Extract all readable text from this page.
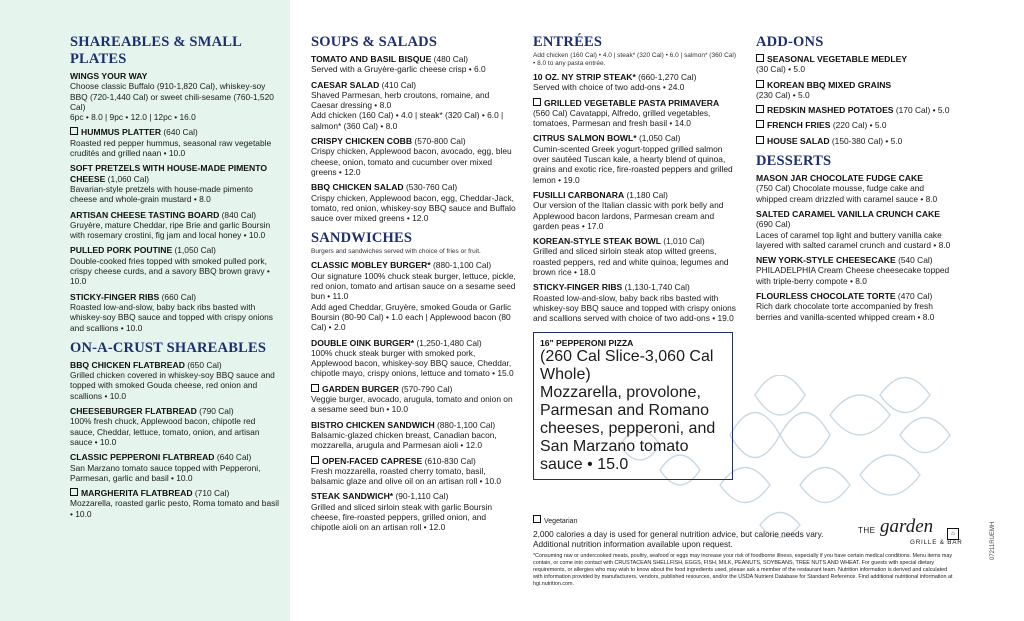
SHAREABLES & SMALL PLATES
WINGS YOUR WAY
Choose classic Buffalo (910-1,820 Cal), whiskey-soy BBQ (720-1,440 Cal) or sweet chili-sesame (760-1,520 Cal)
6pc • 8.0 | 9pc • 12.0 | 12pc • 16.0
HUMMUS PLATTER (640 Cal)
Roasted red pepper hummus, seasonal raw vegetable crudités and grilled naan • 10.0
SOFT PRETZELS WITH HOUSE-MADE PIMENTO CHEESE (1,060 Cal)
Bavarian-style pretzels with house-made pimento cheese and whole-grain mustard • 8.0
ARTISAN CHEESE TASTING BOARD (840 Cal)
Gruyère, mature Cheddar, ripe Brie and garlic Boursin with rosemary crostini, fig jam and local honey • 10.0
PULLED PORK POUTINE (1,050 Cal)
Double-cooked fries topped with smoked pulled pork, crispy cheese curds, and a savory BBQ brown gravy • 10.0
STICKY-FINGER RIBS (660 Cal)
Roasted low-and-slow, baby back ribs basted with whiskey-soy BBQ sauce and topped with crispy onions and scallions • 10.0
ON-A-CRUST SHAREABLES
BBQ CHICKEN FLATBREAD (650 Cal)
Grilled chicken covered in whiskey-soy BBQ sauce and topped with smoked Gouda cheese, red onion and scallions • 10.0
CHEESEBURGER FLATBREAD (790 Cal)
100% fresh chuck, Applewood bacon, chipotle red sauce, Cheddar, lettuce, tomato, onion, and artisan sauce • 10.0
CLASSIC PEPPERONI FLATBREAD (640 Cal)
San Marzano tomato sauce topped with Pepperoni, Parmesan, garlic and basil • 10.0
MARGHERITA FLATBREAD (710 Cal)
Mozzarella, roasted garlic pesto, Roma tomato and basil • 10.0
SOUPS & SALADS
TOMATO AND BASIL BISQUE (480 Cal)
Served with a Gruyère-garlic cheese crisp • 6.0
CAESAR SALAD (410 Cal)
Shaved Parmesan, herb croutons, romaine, and Caesar dressing • 8.0
Add chicken (160 Cal) • 4.0 | steak* (320 Cal) • 6.0 | salmon* (360 Cal) • 8.0
CRISPY CHICKEN COBB (570-800 Cal)
Crispy chicken, Applewood bacon, avocado, egg, bleu cheese, onion, tomato and cucumber over mixed greens • 12.0
BBQ CHICKEN SALAD (530-760 Cal)
Crispy chicken, Applewood bacon, egg, Cheddar-Jack, tomato, red onion, whiskey-soy BBQ sauce and Buffalo sauce over mixed greens • 12.0
SANDWICHES
Burgers and sandwiches served with choice of fries or fruit.
CLASSIC MOBLEY BURGER* (880-1,100 Cal)
Our signature 100% chuck steak burger, lettuce, pickle, red onion, tomato and artisan sauce on a sesame seed bun • 11.0
Add aged Cheddar, Gruyère, smoked Gouda or Garlic Boursin (80-90 Cal) • 1.0 each | Applewood bacon (80 Cal) • 2.0
DOUBLE OINK BURGER* (1,250-1,480 Cal)
100% chuck steak burger with smoked pork, Applewood bacon, whiskey-soy BBQ sauce, Cheddar, chipotle mayo, crispy onions, lettuce and tomato • 15.0
GARDEN BURGER (570-790 Cal)
Veggie burger, avocado, arugula, tomato and onion on a sesame seed bun • 10.0
BISTRO CHICKEN SANDWICH (880-1,100 Cal)
Balsamic-glazed chicken breast, Canadian bacon, mozzarella, arugula and Parmesan aioli • 12.0
OPEN-FACED CAPRESE (610-830 Cal)
Fresh mozzarella, roasted cherry tomato, basil, balsamic glaze and olive oil on an artisan roll • 10.0
STEAK SANDWICH* (90-1,110 Cal)
Grilled and sliced sirloin steak with garlic Boursin cheese, fire-roasted peppers, grilled onion, and chipotle aioli on an artisan roll • 12.0
ENTRÉES
Add chicken (160 Cal) • 4.0 | steak* (320 Cal) • 6.0 | salmon* (360 Cal) • 8.0 to any pasta entrée.
10 OZ. NY STRIP STEAK* (660-1,270 Cal)
Served with choice of two add-ons • 24.0
GRILLED VEGETABLE PASTA PRIMAVERA
(560 Cal) Cavatappi, Alfredo, grilled vegetables, tomatoes, Parmesan and fresh basil • 14.0
CITRUS SALMON BOWL* (1,050 Cal)
Cumin-scented Greek yogurt-topped grilled salmon over sautéed Tuscan kale, a hearty blend of quinoa, grains and exotic rice, fire-roasted peppers and grilled lemon • 19.0
FUSILLI CARBONARA (1,180 Cal)
Our version of the Italian classic with pork belly and Applewood bacon lardons, Parmesan cream and garden peas • 17.0
KOREAN-STYLE STEAK BOWL (1,010 Cal)
Grilled and sliced sirloin steak atop wilted greens, roasted peppers, red and white quinoa, legumes and brown rice • 18.0
STICKY-FINGER RIBS (1,130-1,740 Cal)
Roasted low-and-slow, baby back ribs basted with whiskey-soy BBQ sauce and topped with crispy onions and scallions served with choice of two add-ons • 19.0
16" PEPPERONI PIZZA
(260 Cal Slice-3,060 Cal Whole)
Mozzarella, provolone, Parmesan and Romano cheeses, pepperoni, and San Marzano tomato sauce • 15.0
ADD-ONS
SEASONAL VEGETABLE MEDLEY
(30 Cal) • 5.0
KOREAN BBQ MIXED GRAINS
(230 Cal) • 5.0
REDSKIN MASHED POTATOES (170 Cal) • 5.0
FRENCH FRIES (220 Cal) • 5.0
HOUSE SALAD (150-380 Cal) • 5.0
DESSERTS
MASON JAR CHOCOLATE FUDGE CAKE
(750 Cal) Chocolate mousse, fudge cake and whipped cream drizzled with caramel sauce • 8.0
SALTED CARAMEL VANILLA CRUNCH CAKE
(690 Cal)
Laces of caramel top light and buttery vanilla cake layered with salted caramel crunch and custard • 8.0
NEW YORK-STYLE CHEESECAKE (540 Cal)
PHILADELPHIA Cream Cheese cheesecake topped with triple-berry compote • 8.0
FLOURLESS CHOCOLATE TORTE (470 Cal)
Rich dark chocolate torte accompanied by fresh berries and vanilla-scented whipped cream • 8.0
Vegetarian
2,000 calories a day is used for general nutrition advice, but calorie needs vary. Additional nutrition information available upon request.
*Consuming raw or undercooked meats, poultry, seafood or eggs may increase your risk of foodborne illness, especially if you have certain medical conditions. Menu items may contain, or come into contact with CRUSTACEAN SHELLFISH, EGGS, FISH, MILK, PEANUTS, SOYBEANS, TREE NUTS AND WHEAT. For guests with special dietary requirements, or allergies who may wish to know about the food ingredients used, please ask a member of the restaurant team. Nutrition information is derived and calculated with information provided by manufacturers, vendors, published resources, and/or the USDA Nutrient Database for Standard Reference. Find additional nutritional information at hgi.nutrition.com.
THE garden
GRILLE & BAR
⌂	07211RUEMH
